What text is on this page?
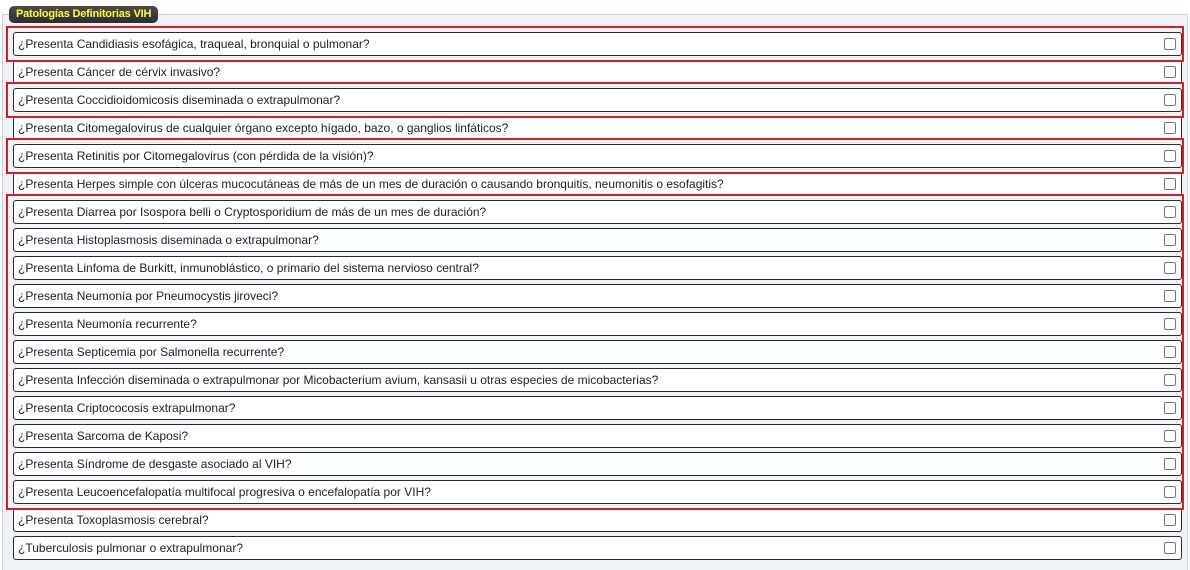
Patologías Definitorias VIH
¿Presenta Candidiasis esofágica, traqueal, bronquial o pulmonar?
¿Presenta Cáncer de cérvix invasivo?
¿Presenta Coccidioidomicosis diseminada o extrapulmonar?
¿Presenta Citomegalovirus de cualquier órgano excepto hígado, bazo, o ganglios linfáticos?
¿Presenta Retinitis por Citomegalovirus (con pérdida de la visión)?
¿Presenta Herpes simple con úlceras mucocutáneas de más de un mes de duración o causando bronquitis, neumonitis o esofagitis?
¿Presenta Diarrea por Isospora belli o Cryptosporidium de más de un mes de duración?
¿Presenta Histoplasmosis diseminada o extrapulmonar?
¿Presenta Linfoma de Burkitt, inmunoblástico, o primario del sistema nervioso central?
¿Presenta Neumonía por Pneumocystis jiroveci?
¿Presenta Neumonía recurrente?
¿Presenta Septicemia por Salmonella recurrente?
¿Presenta Infección diseminada o extrapulmonar por Micobacterium avium, kansasii u otras especies de micobacterias?
¿Presenta Criptococosis extrapulmonar?
¿Presenta Sarcoma de Kaposi?
¿Presenta Síndrome de desgaste asociado al VIH?
¿Presenta Leucoencefalopatía multifocal progresiva o encefalopatía por VIH?
¿Presenta Toxoplasmosis cerebral?
¿Tuberculosis pulmonar o extrapulmonar?
